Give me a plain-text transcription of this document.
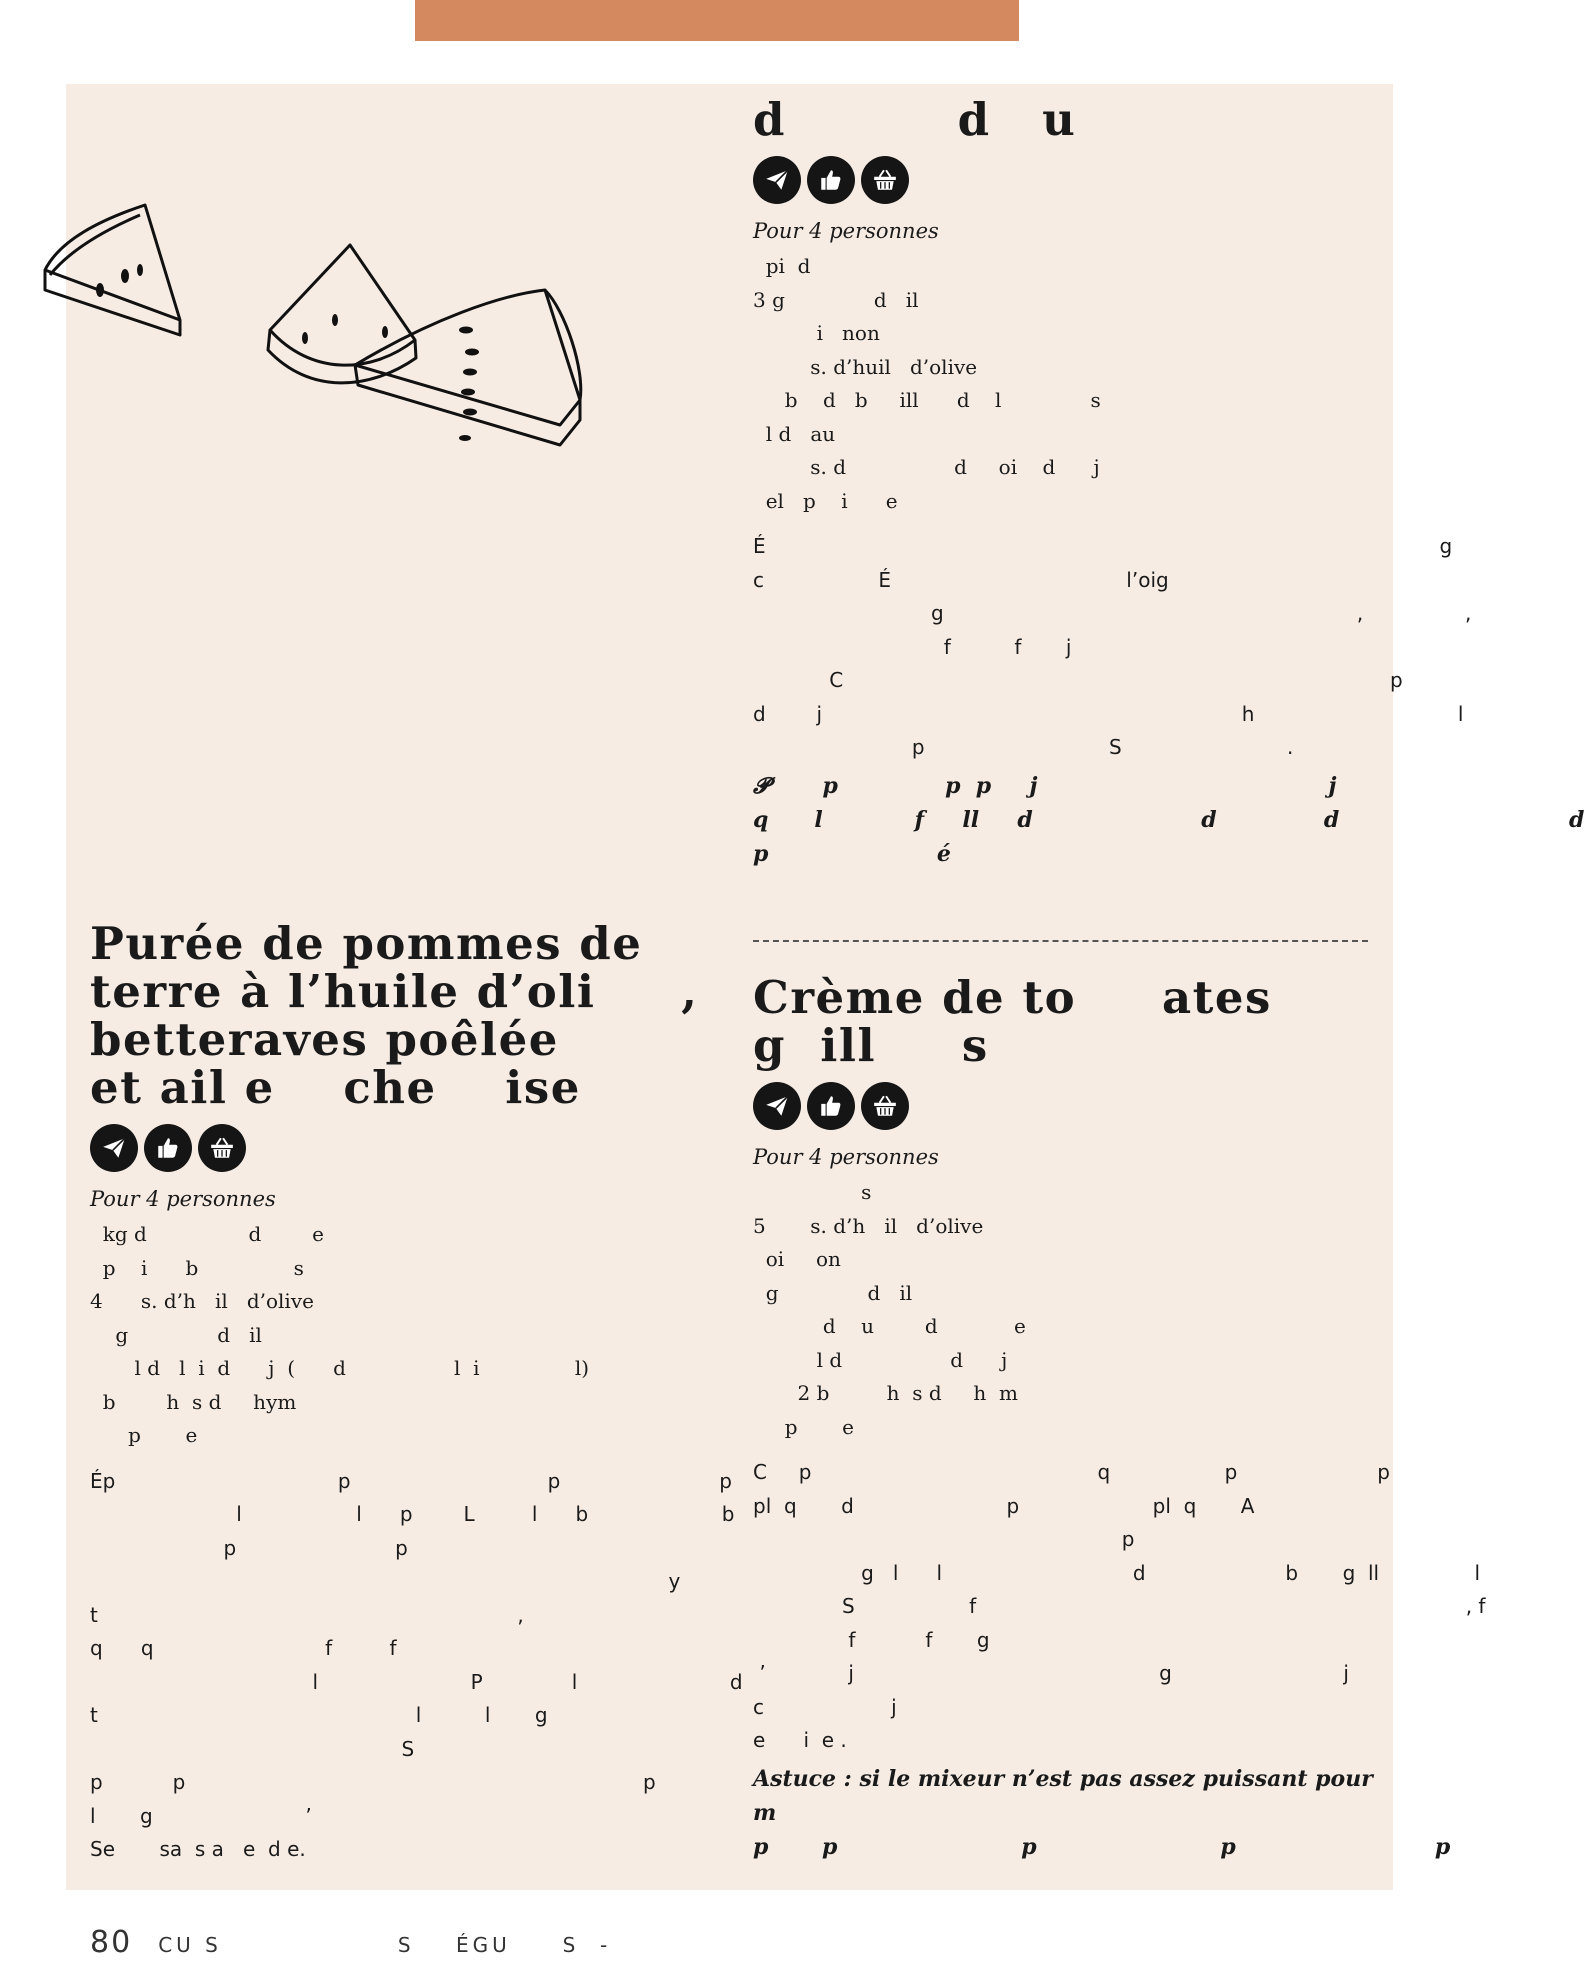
Purée de pommes de
terre à l’huile d’oli     ,
betteraves poêlée
et ail e    che    ise
Pour 4 personnes
kg d                d        e
p    i      b               s
4      s. d’h   il   d’olive
g              d   il
l d   l  i  d      j  (      d                 l  i               l)
b        h  s d     hym
p       e
Ép                                   p                               p                         p
l                  l      p        L         l      b                     b
p                         p
y
t                                                                  ,
q      q                           f         f
l                        P              l                        d
t                                                  l          l       g
S
p           p                                                                        p
l       g                        ’
Se       sa  s a   e  d e.
d          d   u
Pour 4 personnes
pi  d
3 g              d   il
i   non
s. d’huil   d’olive
b    d   b     ill      d    l              s
l d   au
s. d                 d     oi    d      j
el   p    i      e
É                                                                                                          g
c                  É                                     l’oig
g                                                                 ,                ,
f          f       j
C                                                                                      p
d        j                                                                  h                                l
p                             S                          .
𝓟       p              p  p     j                                      j
q      l            f     ll     d                      d              d                              d
p                      é
Crème de to     ates
g  ill     s
Pour 4 personnes
s
5       s. d’h   il   d’olive
oi     on
g              d   il
d    u        d            e
l d                 d      j
2 b         h  s d     h  m
p       e
C     p                                             q                  p                      p
pl  q       d                        p                     pl  q       A
p
g   l      l                              d                      b       g  ll               l
S                  f                                                                             , f
f           f       g
’             j                                                g                           j
c                    j
e      i  e .
Astuce : si le mixeur n’est pas assez puissant pour
m
p       p                        p                        p                          p
80 CU S                 S    ÉGU     S  -
